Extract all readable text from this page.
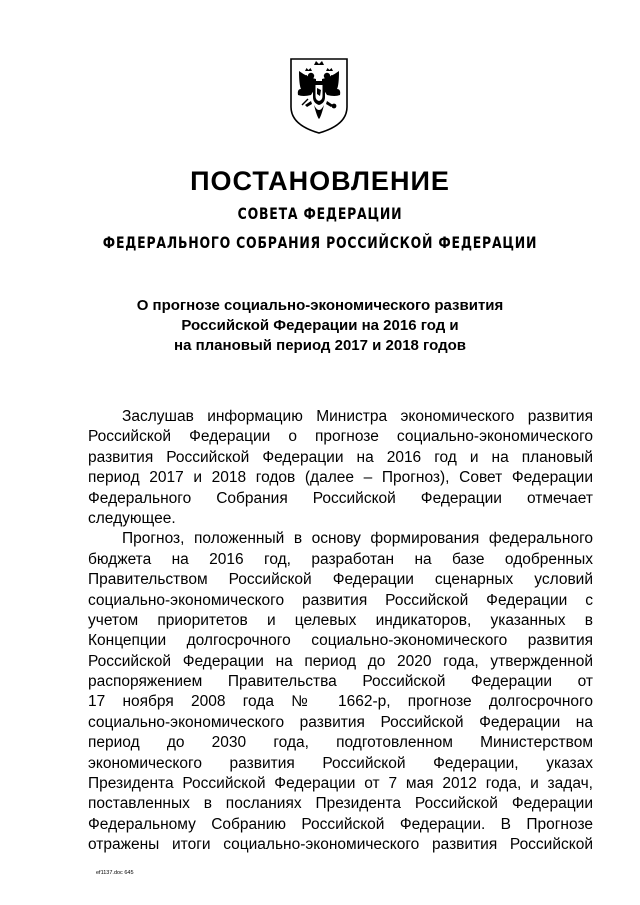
ПОСТАНОВЛЕНИЕ
СОВЕТА ФЕДЕРАЦИИ
ФЕДЕРАЛЬНОГО СОБРАНИЯ РОССИЙСКОЙ ФЕДЕРАЦИИ
О прогнозе социально-экономического развития
Российской Федерации на 2016 год и
на плановый период 2017 и 2018 годов
Заслушав информацию Министра экономического развития
Российской Федерации о прогнозе социально-экономического
развития Российской Федерации на 2016 год и на плановый
период 2017 и 2018 годов (далее – Прогноз), Совет Федерации
Федерального Собрания Российской Федерации отмечает
следующее.
Прогноз, положенный в основу формирования федерального
бюджета на 2016 год, разработан на базе одобренных
Правительством Российской Федерации сценарных условий
социально-экономического развития Российской Федерации с
учетом приоритетов и целевых индикаторов, указанных в
Концепции долгосрочного социально-экономического развития
Российской Федерации на период до 2020 года, утвержденной
распоряжением Правительства Российской Федерации от
17 ноября 2008 года № 1662-р, прогнозе долгосрочного
социально-экономического развития Российской Федерации на
период до 2030 года, подготовленном Министерством
экономического развития Российской Федерации, указах
Президента Российской Федерации от 7 мая 2012 года, и задач,
поставленных в посланиях Президента Российской Федерации
Федеральному Собранию Российской Федерации. В Прогнозе
отражены итоги социально-экономического развития Российской
ef1137.doc 645
